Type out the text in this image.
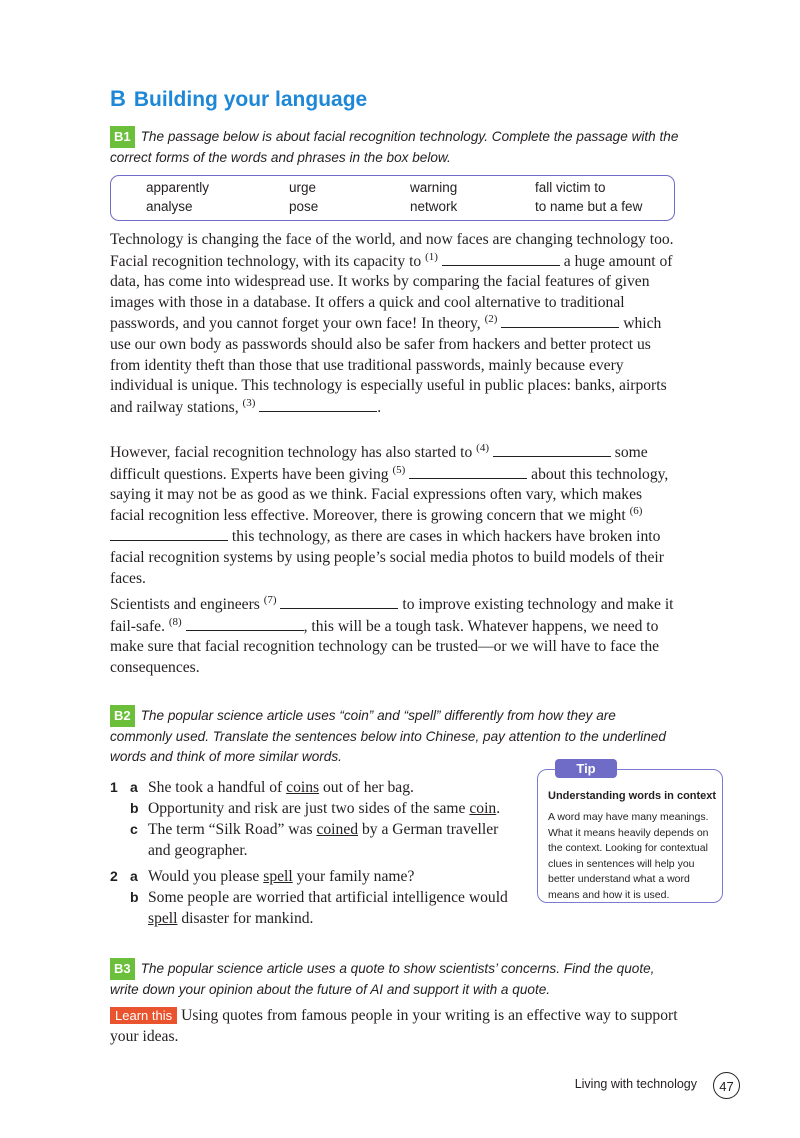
B Building your language
B1 The passage below is about facial recognition technology. Complete the passage with the correct forms of the words and phrases in the box below.
apparently	urge	warning	fall victim to
analyse	pose	network	to name but a few

Technology is changing the face of the world, and now faces are changing technology too. Facial recognition technology, with its capacity to $^{(1)}$	a huge amount of data, has come into widespread use. It works by comparing the facial features of given images with those in a database. It offers a quick and cool alternative to traditional passwords, and you cannot forget your own face! In theory, $^{(2)}$	which use our own body as passwords should also be safer from hackers and better protect us from identity theft than those that use traditional passwords, mainly because every individual is unique. This technology is especially useful in public places: banks, airports and railway stations, $^{(3)}$	.

However, facial recognition technology has also started to $^{(4)}$	some difficult questions. Experts have been giving $^{(5)}$	about this technology, saying it may not be as good as we think. Facial expressions often vary, which makes facial recognition less effective. Moreover, there is growing concern that we might $^{(6)}$  this technology, as there are cases in which hackers have broken into facial recognition systems by using people’s social media photos to build models of their faces.

Scientists and engineers $^{(7)}$	to improve existing technology and make it fail-safe. $^{(8)}$	, this will be a tough task. Whatever happens, we need to make sure that facial recognition technology can be trusted—or we will have to face the consequences.

B2 The popular science article uses “coin” and “spell” differently from how they are commonly used. Translate the sentences below into Chinese, pay attention to the underlined words and think of more similar words.
1 a She took a handful of coins out of her bag.
b Opportunity and risk are just two sides of the same coin.
c The term “Silk Road” was coined by a German traveller and geographer.
2 a Would you please spell your family name?
b Some people are worried that artificial intelligence would spell disaster for mankind.
Understanding words in context
A word may have many meanings. What it means heavily depends on the context. Looking for contextual clues in sentences will help you better understand what a word means and how it is used.
Tip
B3 The popular science article uses a quote to show scientists’ concerns. Find the quote, write down your opinion about the future of AI and support it with a quote.

Learn this Using quotes from famous people in your writing is an effective way to support your ideas.

Living with technology	47
